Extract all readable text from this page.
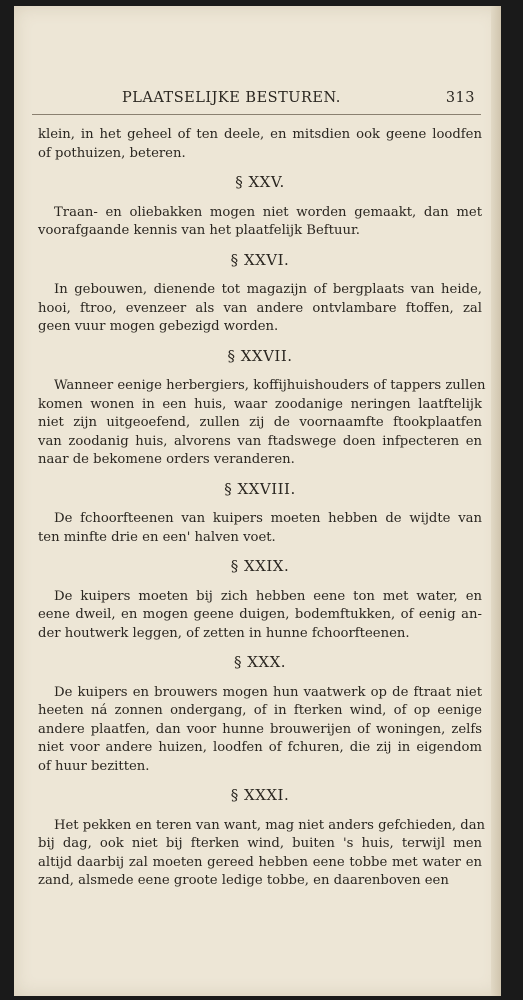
PLAATSELIJKE BESTUREN.	313
klein, in het geheel of ten deele, en mitsdien ook geene loodfen
of pothuizen, beteren.
§ XXV.
Traan- en oliebakken mogen niet worden gemaakt, dan met
voorafgaande kennis van het plaatfelijk Beftuur.
§ XXVI.
In gebouwen, dienende tot magazijn of bergplaats van heide,
hooi, ftroo, evenzeer als van andere ontvlambare ftoffen, zal
geen vuur mogen gebezigd worden.
§ XXVII.
Wanneer eenige herbergiers, koffijhuishouders of tappers zullen
komen wonen in een huis, waar zoodanige neringen laatftelijk
niet zijn uitgeoefend, zullen zij de voornaamfte ftookplaatfen
van zoodanig huis, alvorens van ftadswege doen infpecteren en
naar de bekomene orders veranderen.
§ XXVIII.
De fchoorfteenen van kuipers moeten hebben de wijdte van
ten minfte drie en een' halven voet.
§ XXIX.
De kuipers moeten bij zich hebben eene ton met water, en
eene dweil, en mogen geene duigen, bodemftukken, of eenig an-
der houtwerk leggen, of zetten in hunne fchoorfteenen.
§ XXX.
De kuipers en brouwers mogen hun vaatwerk op de ftraat niet
heeten ná zonnen ondergang, of in fterken wind, of op eenige
andere plaatfen, dan voor hunne brouwerijen of woningen, zelfs
niet voor andere huizen, loodfen of fchuren, die zij in eigendom
of huur bezitten.
§ XXXI.
Het pekken en teren van want, mag niet anders gefchieden, dan
bij dag, ook niet bij fterken wind, buiten 's huis, terwijl men
altijd daarbij zal moeten gereed hebben eene tobbe met water en
zand, alsmede eene groote ledige tobbe, en daarenboven een
